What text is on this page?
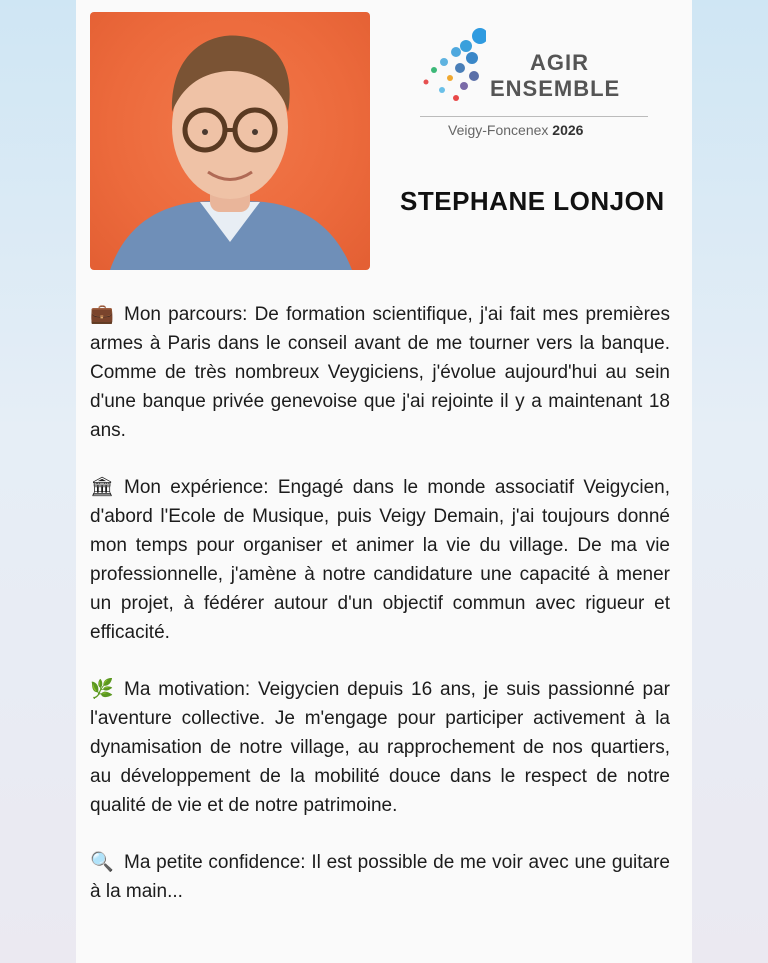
AGIR
ENSEMBLE
Veigy-Foncenex 2026
STEPHANE LONJON

💼 Mon parcours: De formation scientifique, j'ai fait mes premières armes à Paris dans le conseil avant de me tourner vers la banque. Comme de très nombreux Veygiciens, j'évolue aujourd'hui au sein d'une banque privée genevoise que j'ai rejointe il y a maintenant 18 ans.

🏛 Mon expérience: Engagé dans le monde associatif Veigycien, d'abord l'Ecole de Musique, puis Veigy Demain, j'ai toujours donné mon temps pour organiser et animer la vie du village. De ma vie professionnelle, j'amène à notre candidature une capacité à mener un projet, à fédérer autour d'un objectif commun avec rigueur et efficacité.

🌿 Ma motivation: Veigycien depuis 16 ans, je suis passionné par l'aventure collective. Je m'engage pour participer activement à la dynamisation de notre village, au rapprochement de nos quartiers, au développement de la mobilité douce dans le respect de notre qualité de vie et de notre patrimoine.

🔍 Ma petite confidence: Il est possible de me voir avec une guitare à la main...
